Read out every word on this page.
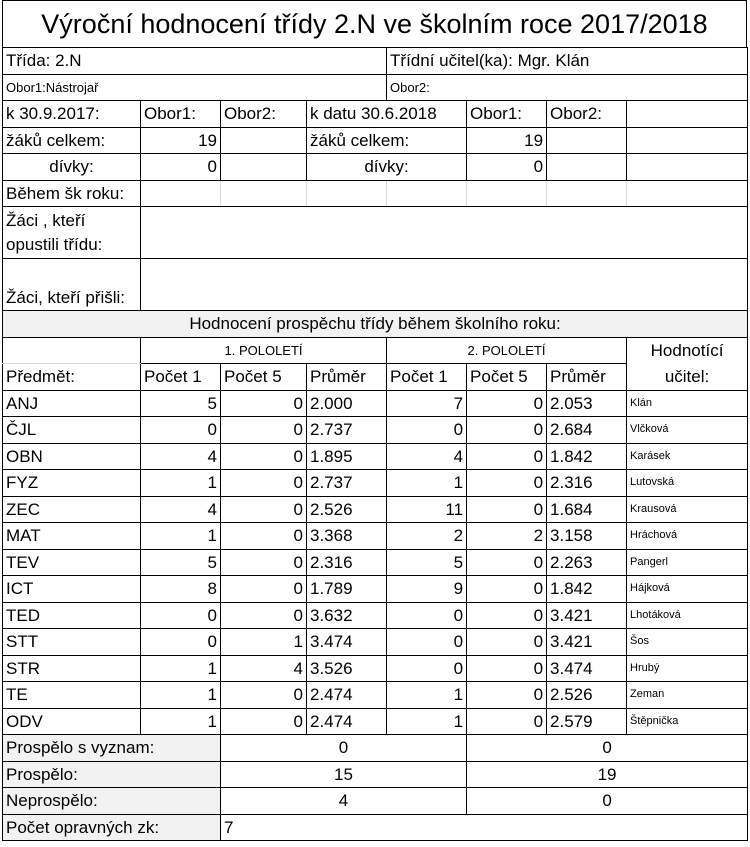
Výroční hodnocení třídy 2.N ve školním roce 2017/2018
Třída: 2.N				Třídní učitel(ka): Mgr. Klán			
Obor1:Nástrojař				Obor2:			
k 30.9.2017:	Obor1:	Obor2:	k datu 30.6.2018		Obor1:	Obor2:	
žáků celkem:	19		žáků celkem:		19		
dívky:	0		dívky:		0		
Během šk roku:							
Žáci , kteří opustili třídu:							
Žáci, kteří přišli:							
Hodnocení prospěchu třídy během školního roku:							
	1. POLOLETÍ			2. POLOLETÍ			Hodnotící učitel:
Předmět:	Počet 1	Počet 5	Průměr	Počet 1	Počet 5	Průměr	
ANJ	5	0	2.000	7	0	2.053	Klán
ČJL	0	0	2.737	0	0	2.684	Vlčková
OBN	4	0	1.895	4	0	1.842	Karásek
FYZ	1	0	2.737	1	0	2.316	Lutovská
ZEC	4	0	2.526	11	0	1.684	Krausová
MAT	1	0	3.368	2	2	3.158	Hráchová
TEV	5	0	2.316	5	0	2.263	Pangerl
ICT	8	0	1.789	9	0	1.842	Hájková
TED	0	0	3.632	0	0	3.421	Lhotáková
STT	0	1	3.474	0	0	3.421	Šos
STR	1	4	3.526	0	0	3.474	Hrubý
TE	1	0	2.474	1	0	2.526	Zeman
ODV	1	0	2.474	1	0	2.579	Štěpnička
Prospělo s vyznam:		0			0		
Prospělo:		15			19		
Neprospělo:		4			0		
Počet opravných zk:		7					
